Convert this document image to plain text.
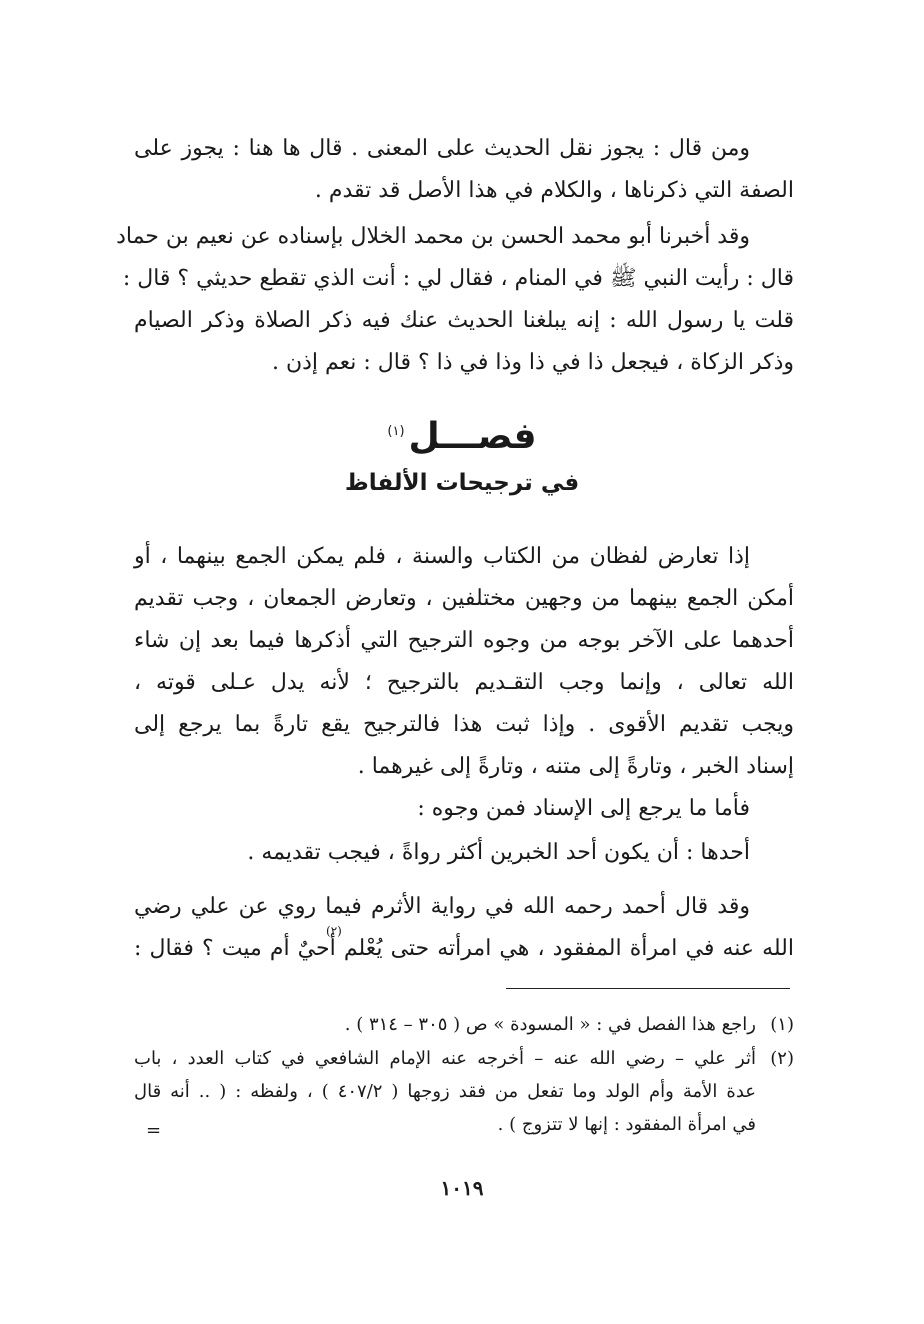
ومن قال : يجوز نقل الحديث على المعنى . قال ها هنا : يجوز على
الصفة التي ذكرناها ، والكلام في هذا الأصل قد تقدم .
وقد أخبرنا أبو محمد الحسن بن محمد الخلال بإسناده عن نعيم بن حماد
قال : رأيت النبي ﷺ في المنام ، فقال لي : أنت الذي تقطع حديثي ؟ قال :
قلت يا رسول الله : إنه يبلغنا الحديث عنك فيه ذكر الصلاة وذكر الصيام
وذكر الزكاة ، فيجعل ذا في ذا وذا في ذا ؟ قال : نعم إذن .
فصـــل$^{(١)}$
في ترجيحات الألفاظ
إذا تعارض لفظان من الكتاب والسنة ، فلم يمكن الجمع بينهما ، أو
أمكن الجمع بينهما من وجهين مختلفين ، وتعارض الجمعان ، وجب تقديم
أحدهما على الآخر بوجه من وجوه الترجيح التي أذكرها فيما بعد إن شاء
الله تعالى ، وإنما وجب التقـديم بالترجيح ؛ لأنه يدل عـلى قوته ،
ويجب تقديم الأقوى . وإذا ثبت هذا فالترجيح يقع تارةً بما يرجع إلى
إسناد الخبر ، وتارةً إلى متنه ، وتارةً إلى غيرهما .
فأما ما يرجع إلى الإسناد فمن وجوه :
أحدها : أن يكون أحد الخبرين أكثر رواةً ، فيجب تقديمه .
وقد قال أحمد رحمه الله في رواية الأثرم فيما روي عن علي رضي
الله عنه في امرأة المفقود ، هي امرأته حتى يُعْلم أحيٌ أم ميت ؟ فقال :
(٢)
(١)راجع هذا الفصل في : « المسودة » ص ( ٣٠٥ – ٣١٤ ) .
(٢)أثر علي – رضي الله عنه – أخرجه عنه الإمام الشافعي في كتاب العدد ، باب
عدة الأمة وأم الولد وما تفعل من فقد زوجها ( ٤٠٧/٢ ) ، ولفظه : ( .. أنه قال
في امرأة المفقود : إنها لا تتزوج ) .
=
١٠١٩
